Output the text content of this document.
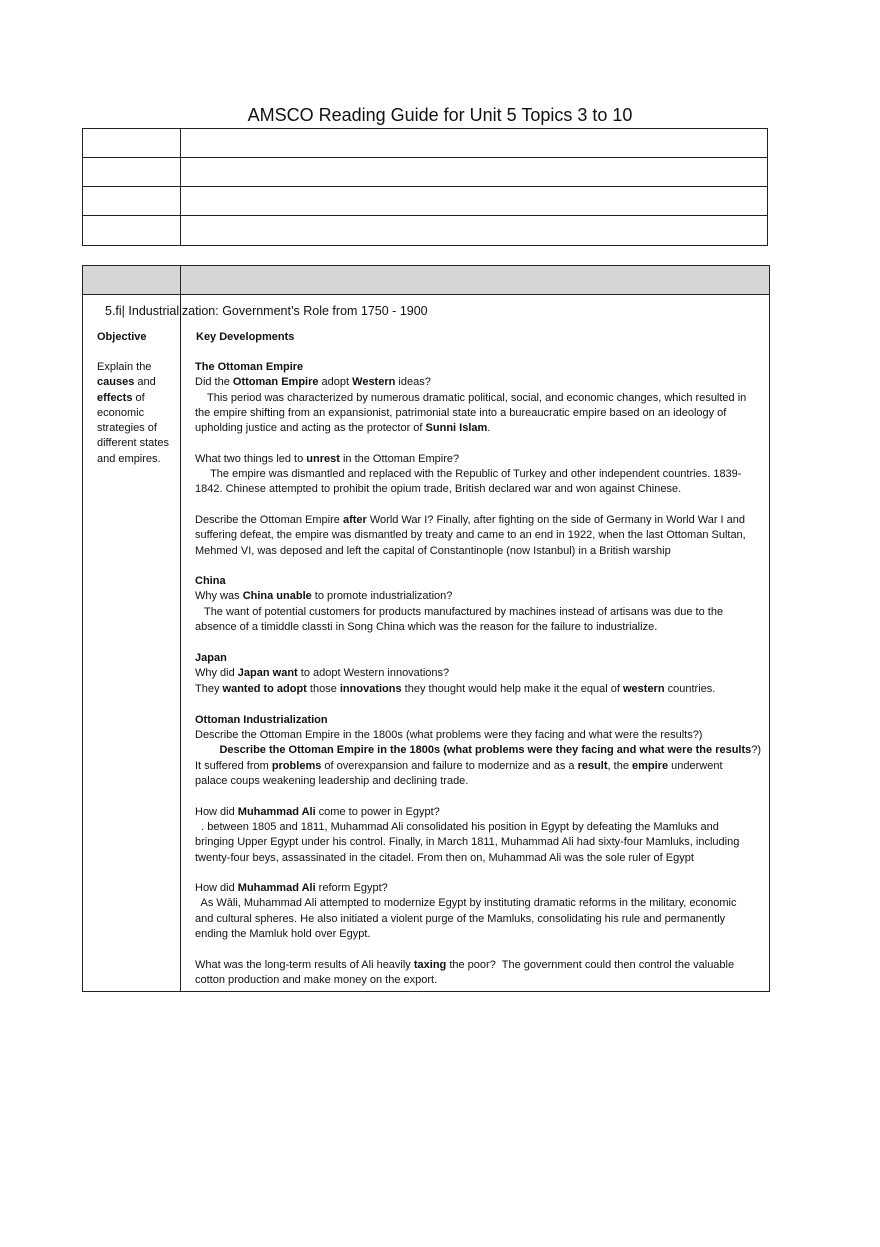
AMSCO Reading Guide for Unit 5 Topics 3 to 10
5.fi| Industrialization: Government’s Role from 1750 - 1900
Objective	Key Developments
Explain the
causes and
effects of
economic
strategies of
different states
and empires.

The Ottoman Empire

Did the Ottoman Empire adopt Western ideas?

This period was characterized by numerous dramatic political, social, and economic changes, which resulted in

the empire shifting from an expansionist, patrimonial state into a bureaucratic empire based on an ideology of

upholding justice and acting as the protector of Sunni Islam.

What two things led to unrest in the Ottoman Empire?

The empire was dismantled and replaced with the Republic of Turkey and other independent countries. 1839-

1842. Chinese attempted to prohibit the opium trade, British declared war and won against Chinese.

Describe the Ottoman Empire after World War I? Finally, after fighting on the side of Germany in World War I and

suffering defeat, the empire was dismantled by treaty and came to an end in 1922, when the last Ottoman Sultan,

Mehmed VI, was deposed and left the capital of Constantinople (now Istanbul) in a British warship

China

Why was China unable to promote industrialization?

The want of potential customers for products manufactured by machines instead of artisans was due to the

absence of a timiddle classti in Song China which was the reason for the failure to industrialize.

Japan

Why did Japan want to adopt Western innovations?

They wanted to adopt those innovations they thought would help make it the equal of western countries.

Ottoman Industrialization

Describe the Ottoman Empire in the 1800s (what problems were they facing and what were the results?)

Describe the Ottoman Empire in the 1800s (what problems were they facing and what were the results?)

It suffered from problems of overexpansion and failure to modernize and as a result, the empire underwent

palace coups weakening leadership and declining trade.

How did Muhammad Ali come to power in Egypt?

. between 1805 and 1811, Muhammad Ali consolidated his position in Egypt by defeating the Mamluks and

bringing Upper Egypt under his control. Finally, in March 1811, Muhammad Ali had sixty-four Mamluks, including

twenty-four beys, assassinated in the citadel. From then on, Muhammad Ali was the sole ruler of Egypt

How did Muhammad Ali reform Egypt?

As Wāli, Muhammad Ali attempted to modernize Egypt by instituting dramatic reforms in the military, economic

and cultural spheres. He also initiated a violent purge of the Mamluks, consolidating his rule and permanently

ending the Mamluk hold over Egypt.

What was the long-term results of Ali heavily taxing the poor?  The government could then control the valuable

cotton production and make money on the export.
